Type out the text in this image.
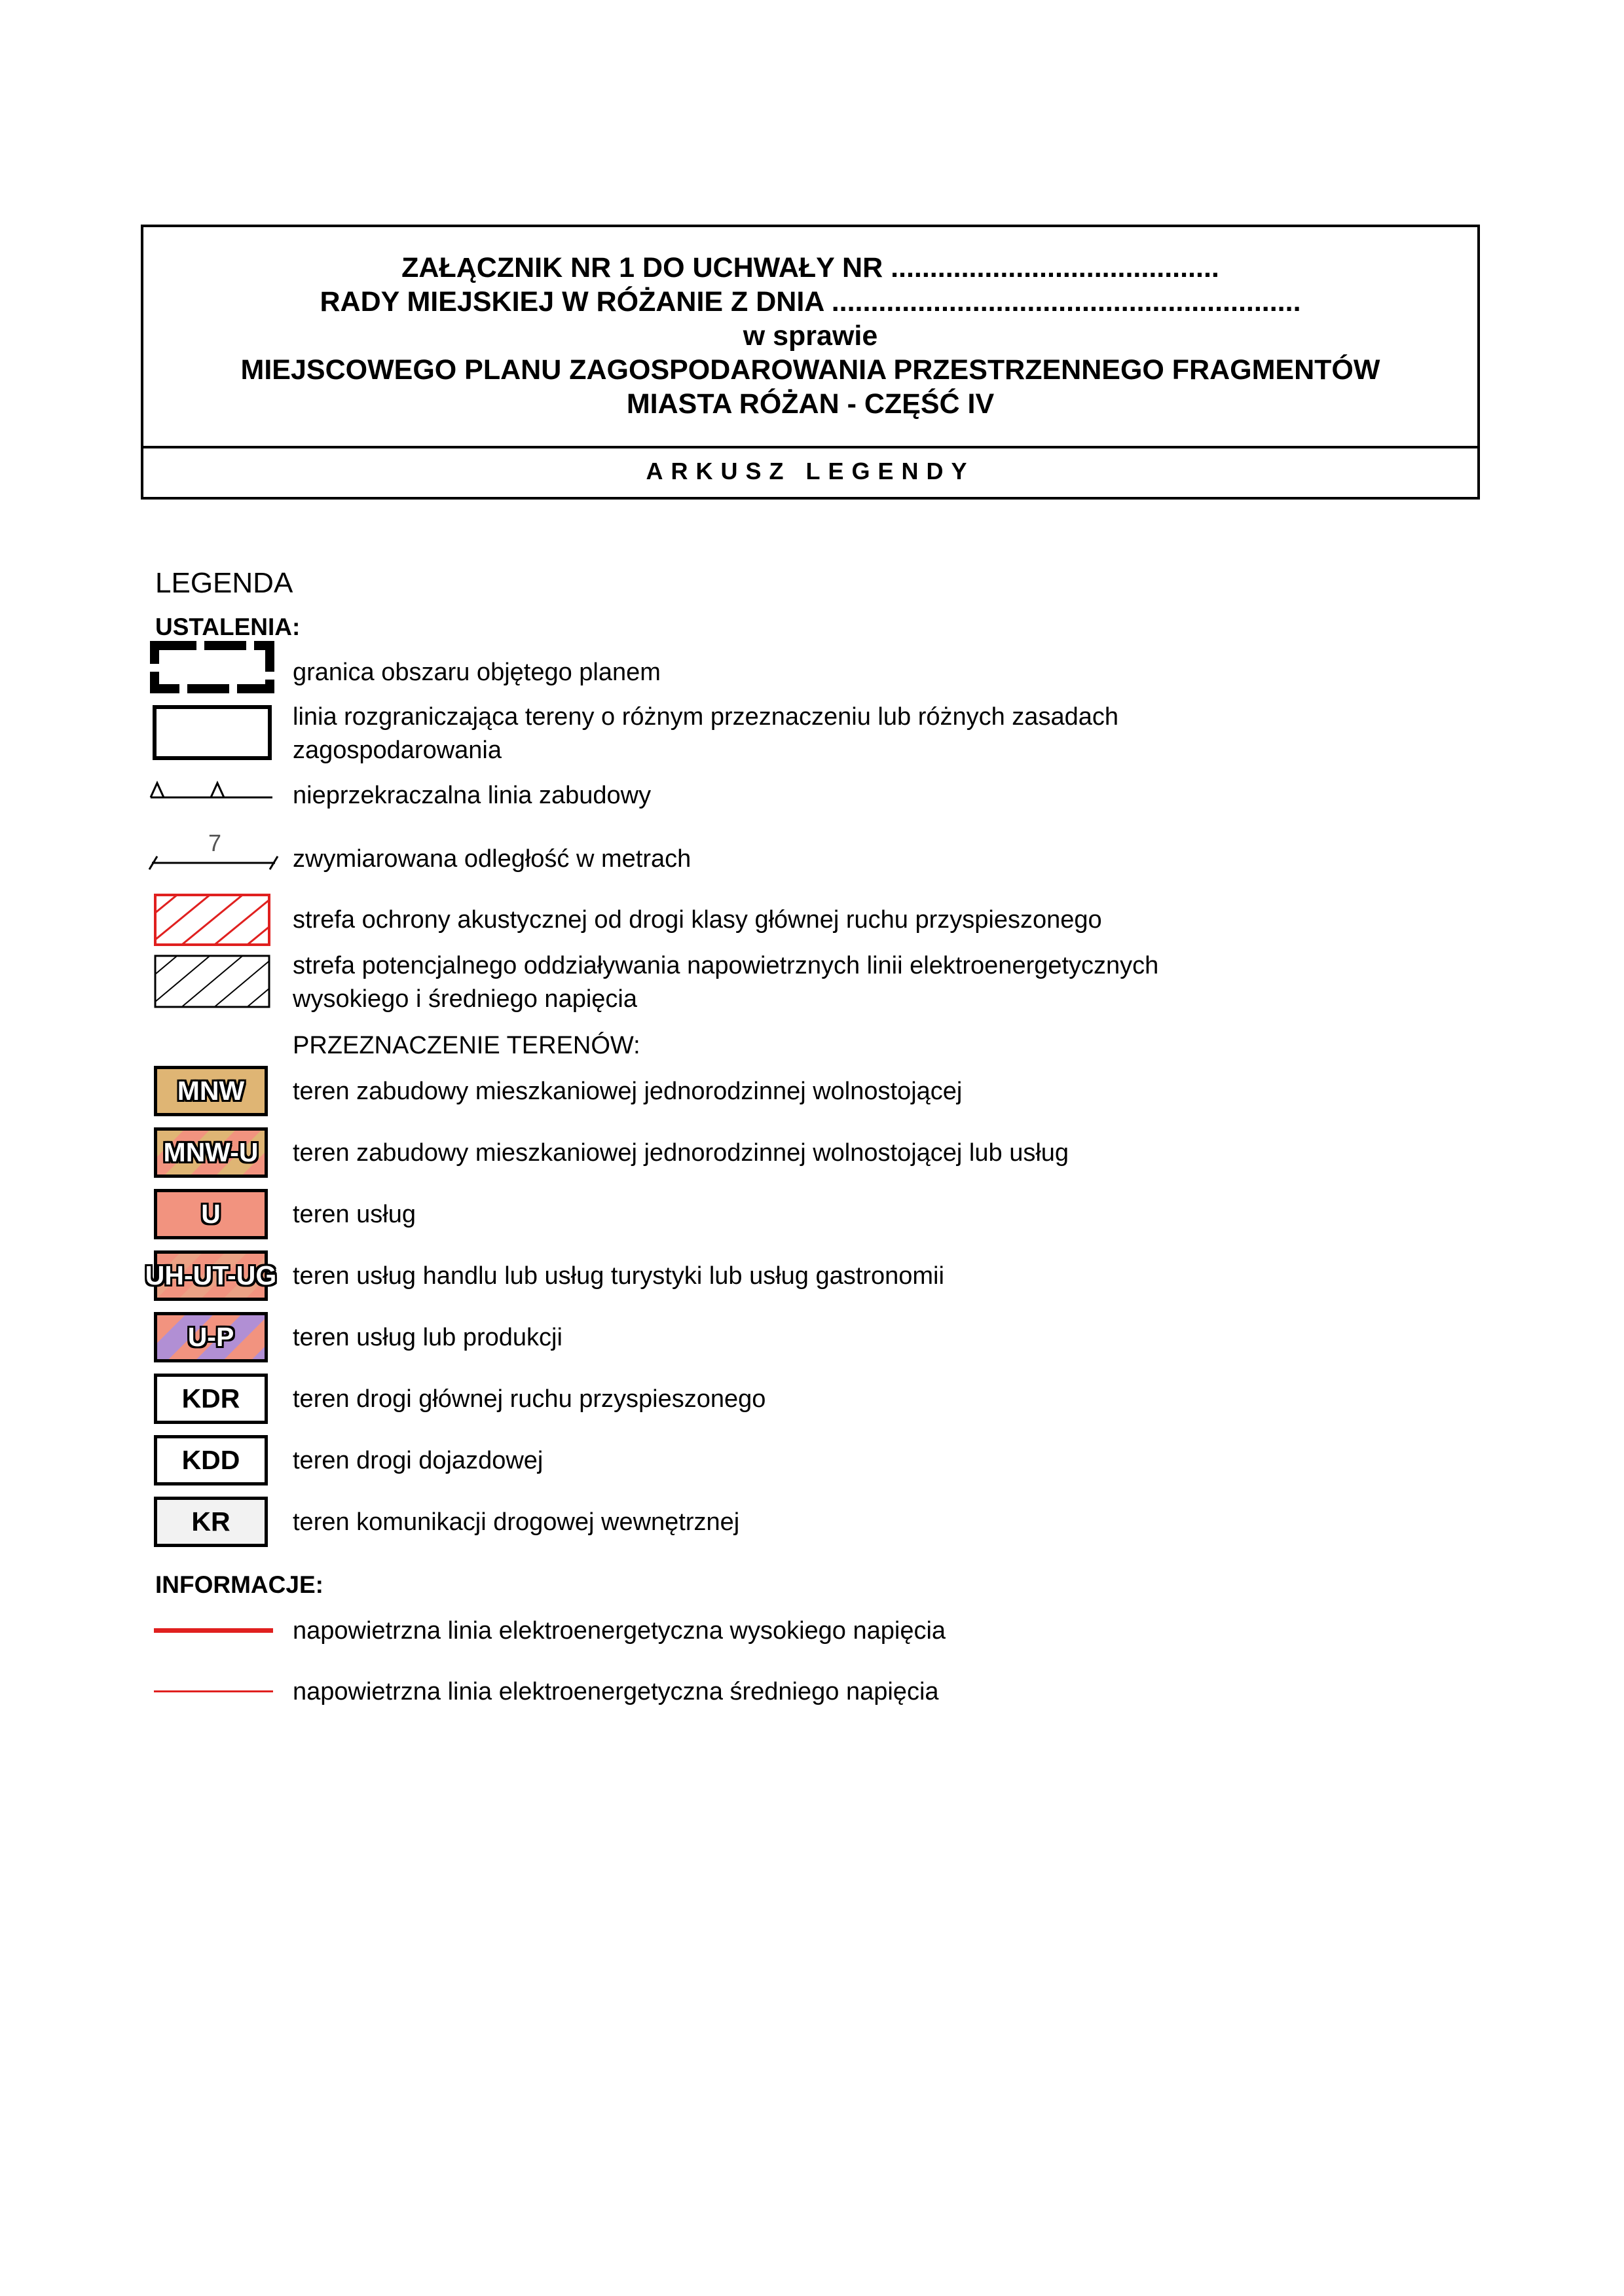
ZAŁĄCZNIK NR 1 DO UCHWAŁY NR ..........................................
RADY MIEJSKIEJ W RÓŻANIE Z DNIA ............................................................
w sprawie
MIEJSCOWEGO PLANU ZAGOSPODAROWANIA PRZESTRZENNEGO FRAGMENTÓW
MIASTA RÓŻAN - CZĘŚĆ IV
ARKUSZ LEGENDY
LEGENDA
USTALENIA:
granica obszaru objętego planem
linia rozgraniczająca tereny o różnym przeznaczeniu lub różnych zasadach zagospodarowania
nieprzekraczalna linia zabudowy
7
zwymiarowana odległość w metrach
strefa ochrony akustycznej od drogi klasy głównej ruchu przyspieszonego
strefa potencjalnego oddziaływania napowietrznych linii elektroenergetycznych wysokiego i średniego napięcia
PRZEZNACZENIE TERENÓW:
MNW teren zabudowy mieszkaniowej jednorodzinnej wolnostojącej
MNW-U teren zabudowy mieszkaniowej jednorodzinnej wolnostojącej lub usług
U	teren usług
UH-UT-UG teren usług handlu lub usług turystyki lub usług gastronomii
U-P teren usług lub produkcji
KDR teren drogi głównej ruchu przyspieszonego
KDD teren drogi dojazdowej
KR	teren komunikacji drogowej wewnętrznej
INFORMACJE:
napowietrzna linia elektroenergetyczna wysokiego napięcia
napowietrzna linia elektroenergetyczna średniego napięcia
